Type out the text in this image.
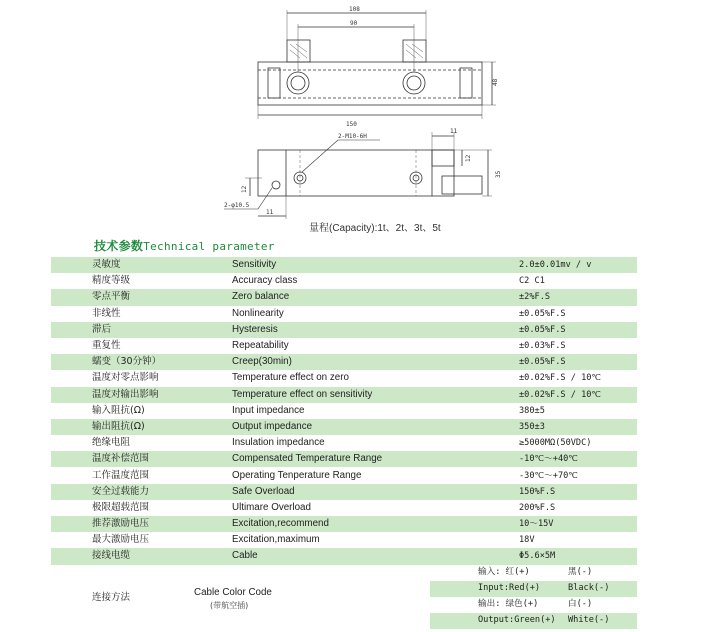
108
90
150
48
2-M10-6H
11
12
35
12
2-φ10.5
11
量程(Capacity):1t、2t、3t、5t
技术参数Technical parameter
灵敏度	Sensitivity	2.0±0.01mv / v
精度等级	Accuracy class	C2 C1
零点平衡	Zero balance	±2%F.S
非线性	Nonlinearity	±0.05%F.S
滞后	Hysteresis	±0.05%F.S
重复性	Repeatability	±0.03%F.S
蠕变（30分钟）	Creep(30min)	±0.05%F.S
温度对零点影响	Temperature effect on zero	±0.02%F.S / 10℃
温度对输出影响	Temperature effect on sensitivity	±0.02%F.S / 10℃
输入阻抗(Ω)	Input impedance	380±5
输出阻抗(Ω)	Output impedance	350±3
绝缘电阻	Insulation impedance	≥5000MΩ(50VDC)
温度补偿范围	Compensated Temperature Range	-10℃～+40℃
工作温度范围	Operating Tenperature Range	-30℃～+70℃
安全过载能力	Safe Overload	150%F.S
极限超载范围	Ultimare Overload	200%F.S
推荐激励电压	Excitation,recommend	10～15V
最大激励电压	Excitation,maximum	18V
接线电缆	Cable	Φ5.6×5M
连接方法	Cable Color Code
(带航空插)
输入: 红(+)	黑(-)
Input:Red(+)	Black(-)
输出: 绿色(+)	白(-)
Output:Green(+) White(-)
